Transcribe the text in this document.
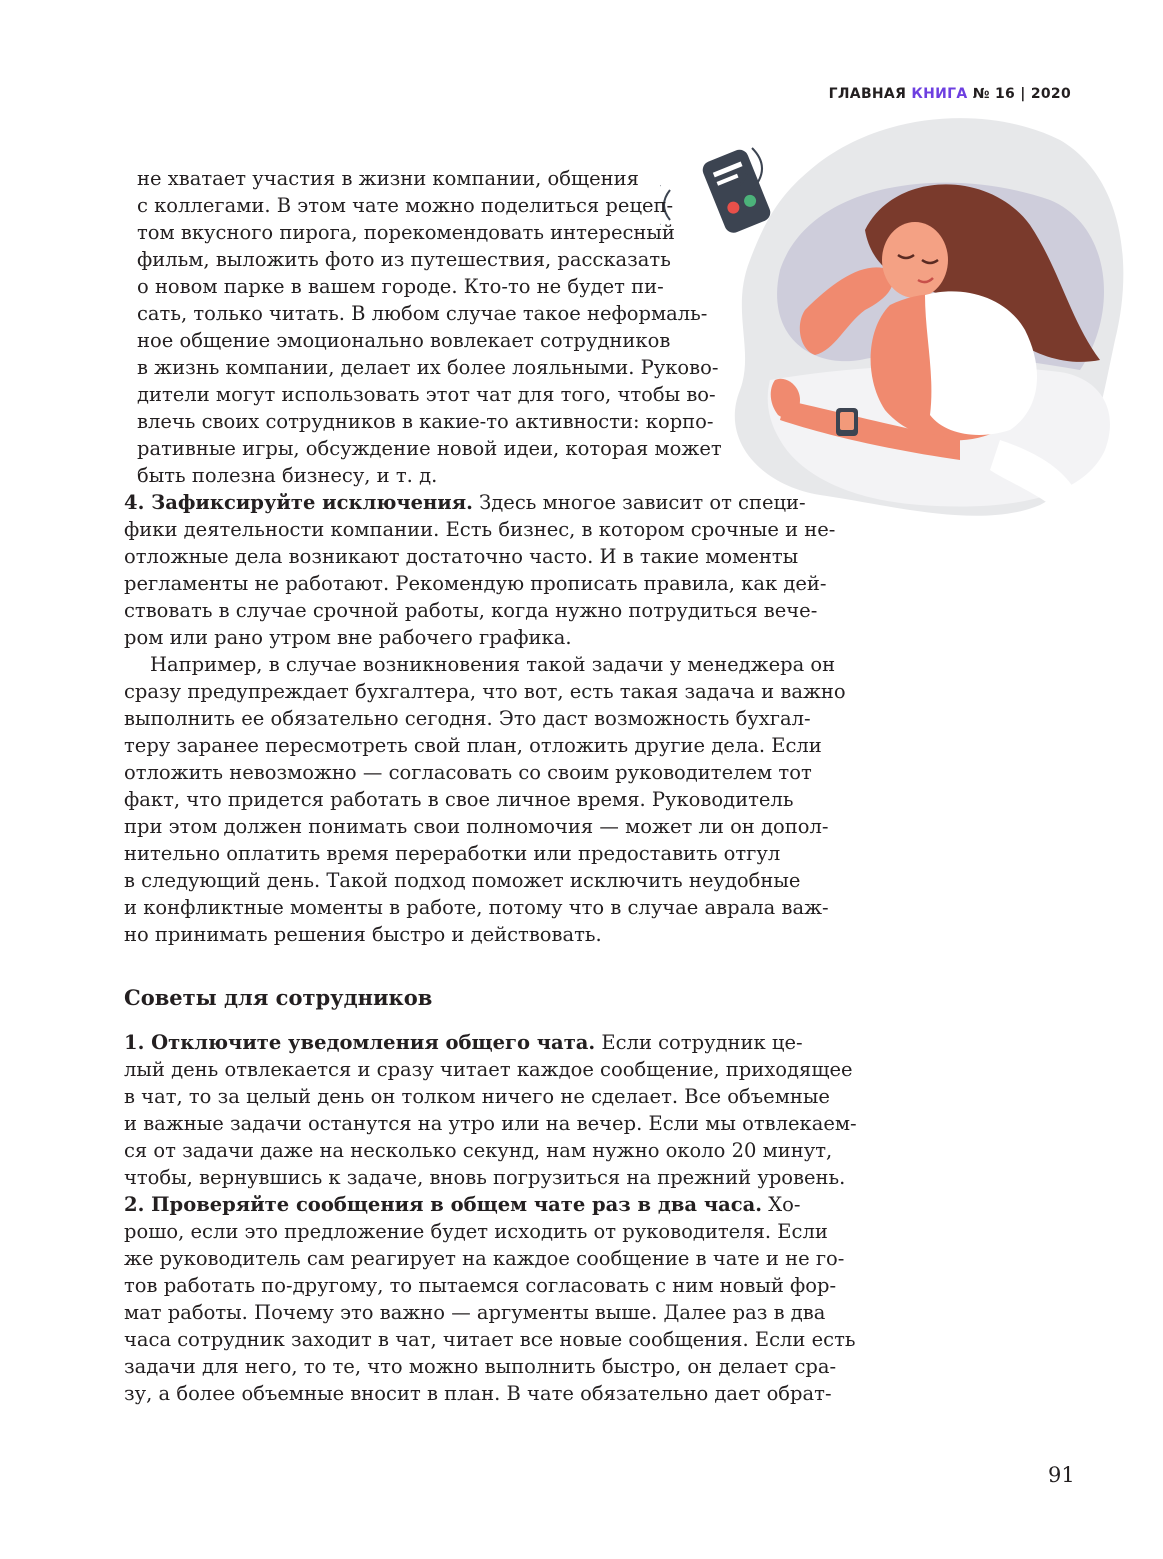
ГЛАВНАЯ КНИГА № 16 | 2020
не хватает участия в жизни компании, общения
с коллегами. В этом чате можно поделиться рецеп-
том вкусного пирога, порекомендовать интересный
фильм, выложить фото из путешествия, рассказать
о новом парке в вашем городе. Кто-то не будет пи-
сать, только читать. В любом случае такое неформаль-
ное общение эмоционально вовлекает сотрудников
в жизнь компании, делает их более лояльными. Руково-
дители могут использовать этот чат для того, чтобы во-
влечь своих сотрудников в какие-то активности: корпо-
ративные игры, обсуждение новой идеи, которая может
быть полезна бизнесу, и т. д.
4. Зафиксируйте исключения. Здесь многое зависит от специ-
фики деятельности компании. Есть бизнес, в котором срочные и не-
отложные дела возникают достаточно часто. И в такие моменты
регламенты не работают. Рекомендую прописать правила, как дей-
ствовать в случае срочной работы, когда нужно потрудиться вече-
ром или рано утром вне рабочего графика.
Например, в случае возникновения такой задачи у менеджера он
сразу предупреждает бухгалтера, что вот, есть такая задача и важно
выполнить ее обязательно сегодня. Это даст возможность бухгал-
теру заранее пересмотреть свой план, отложить другие дела. Если
отложить невозможно — согласовать со своим руководителем тот
факт, что придется работать в свое личное время. Руководитель
при этом должен понимать свои полномочия — может ли он допол-
нительно оплатить время переработки или предоставить отгул
в следующий день. Такой подход поможет исключить неудобные
и конфликтные моменты в работе, потому что в случае аврала важ-
но принимать решения быстро и действовать.
Советы для сотрудников
1. Отключите уведомления общего чата. Если сотрудник це-
лый день отвлекается и сразу читает каждое сообщение, приходящее
в чат, то за целый день он толком ничего не сделает. Все объемные
и важные задачи останутся на утро или на вечер. Если мы отвлекаем-
ся от задачи даже на несколько секунд, нам нужно около 20 минут,
чтобы, вернувшись к задаче, вновь погрузиться на прежний уровень.
2. Проверяйте сообщения в общем чате раз в два часа. Хо-
рошо, если это предложение будет исходить от руководителя. Если
же руководитель сам реагирует на каждое сообщение в чате и не го-
тов работать по-другому, то пытаемся согласовать с ним новый фор-
мат работы. Почему это важно — аргументы выше. Далее раз в два
часа сотрудник заходит в чат, читает все новые сообщения. Если есть
задачи для него, то те, что можно выполнить быстро, он делает сра-
зу, а более объемные вносит в план. В чате обязательно дает обрат-
91
